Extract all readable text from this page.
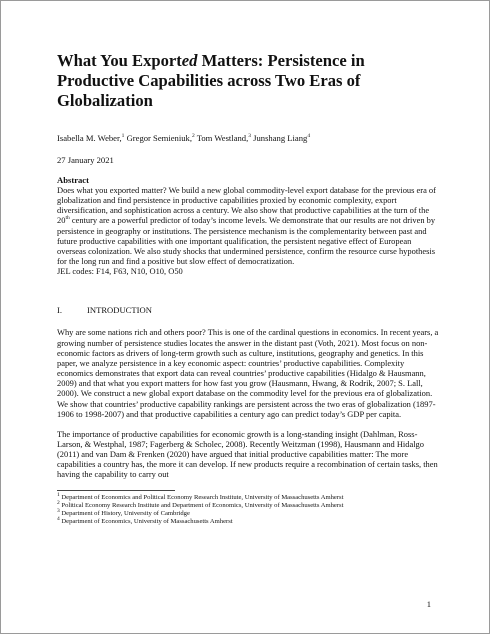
What You Exported Matters: Persistence in Productive Capabilities across Two Eras of Globalization

Isabella M. Weber,$^1$ Gregor Semieniuk,$^2$ Tom Westland,$^3$ Junshang Liang$^4$

27 January 2021

Abstract

Does what you exported matter? We build a new global commodity-level export database for the previous era of globalization and find persistence in productive capabilities proxied by economic complexity, export diversification, and sophistication across a century. We also show that productive capabilities at the turn of the 20th century are a powerful predictor of today’s income levels. We demonstrate that our results are not driven by persistence in geography or institutions. The persistence mechanism is the complementarity between past and future productive capabilities with one important qualification, the persistent negative effect of European overseas colonization. We also study shocks that undermined persistence, confirm the resource curse hypothesis for the long run and find a positive but slow effect of democratization.

JEL codes: F14, F63, N10, O10, O50

I.	INTRODUCTION

Why are some nations rich and others poor? This is one of the cardinal questions in economics. In recent years, a growing number of persistence studies locates the answer in the distant past (Voth, 2021). Most focus on non-economic factors as drivers of long-term growth such as culture, institutions, geography and genetics. In this paper, we analyze persistence in a key economic aspect: countries’ productive capabilities. Complexity economics demonstrates that export data can reveal countries’ productive capabilities (Hidalgo & Hausmann, 2009) and that what you export matters for how fast you grow (Hausmann, Hwang, & Rodrik, 2007; S. Lall, 2000). We construct a new global export database on the commodity level for the previous era of globalization. We show that countries’ productive capability rankings are persistent across the two eras of globalization (1897-1906 to 1998-2007) and that productive capabilities a century ago can predict today’s GDP per capita.

The importance of productive capabilities for economic growth is a long-standing insight (Dahlman, Ross-Larson, & Westphal, 1987; Fagerberg & Scholec, 2008). Recently Weitzman (1998), Hausmann and Hidalgo (2011) and van Dam & Frenken (2020) have argued that initial productive capabilities matter: The more capabilities a country has, the more it can develop. If new products require a recombination of certain tasks, then having the capability to carry out

$^1$ Department of Economics and Political Economy Research Institute, University of Massachusetts Amherst

$^2$ Political Economy Research Institute and Department of Economics, University of Massachusetts Amherst

$^3$ Department of History, University of Cambridge

$^4$ Department of Economics, University of Massachusetts Amherst

1
